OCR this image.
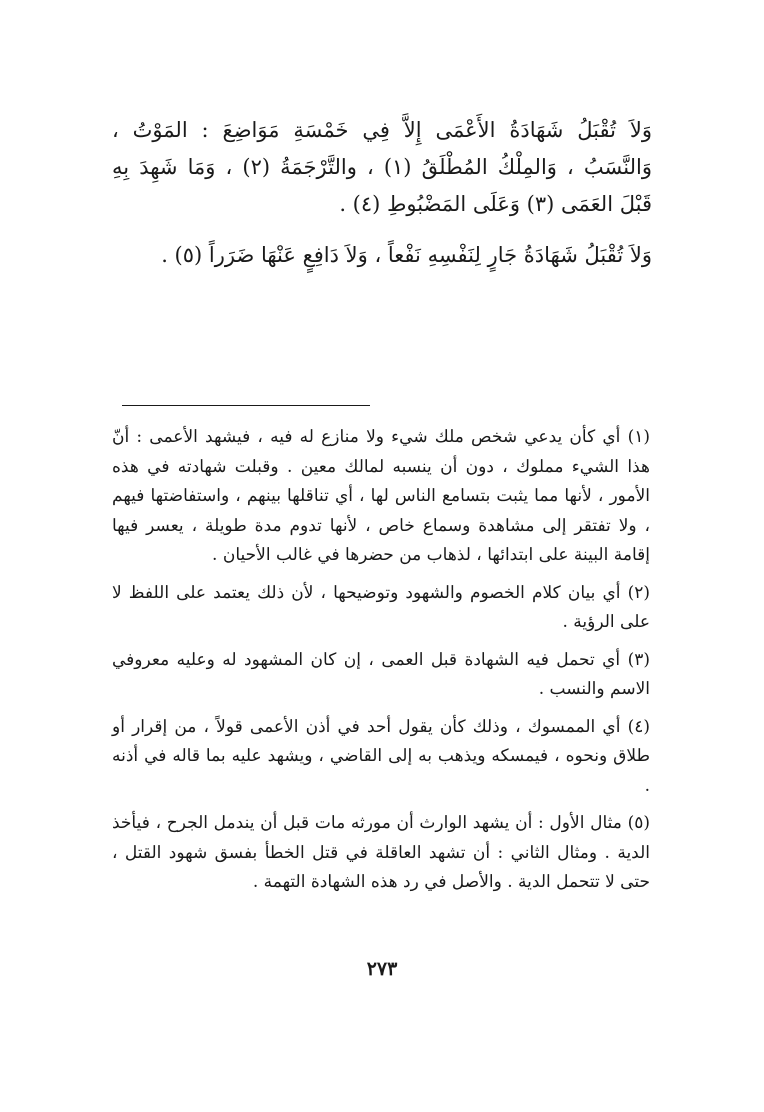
وَلاَ تُقْبَلُ شَهَادَةُ الأَعْمَى إِلاَّ فِي خَمْسَةِ مَوَاضِعَ : المَوْتُ ، وَالنَّسَبُ ، وَالمِلْكُ المُطْلَقُ (١) ، والتَّرْجَمَةُ (٢) ، وَمَا شَهِدَ بِهِ قَبْلَ العَمَى (٣) وَعَلَى المَضْبُوطِ (٤) .

وَلاَ تُقْبَلُ شَهَادَةُ جَارٍ لِنَفْسِهِ نَفْعاً ، وَلاَ دَافِعٍ عَنْهَا ضَرَراً (٥) .

(١) أي كأن يدعي شخص ملك شيء ولا منازع له فيه ، فيشهد الأعمى : أنّ هذا الشيء مملوك ، دون أن ينسبه لمالك معين . وقبلت شهادته في هذه الأمور ، لأنها مما يثبت بتسامع الناس لها ، أي تناقلها بينهم ، واستفاضتها فيهم ، ولا تفتقر إلى مشاهدة وسماع خاص ، لأنها تدوم مدة طويلة ، يعسر فيها إقامة البينة على ابتدائها ، لذهاب من حضرها في غالب الأحيان .

(٢) أي بيان كلام الخصوم والشهود وتوضيحها ، لأن ذلك يعتمد على اللفظ لا على الرؤية .

(٣) أي تحمل فيه الشهادة قبل العمى ، إن كان المشهود له وعليه معروفي الاسم والنسب .

(٤) أي الممسوك ، وذلك كأن يقول أحد في أذن الأعمى قولاً ، من إقرار أو طلاق ونحوه ، فيمسكه ويذهب به إلى القاضي ، ويشهد عليه بما قاله في أذنه .

(٥) مثال الأول : أن يشهد الوارث أن مورثه مات قبل أن يندمل الجرح ، فيأخذ الدية . ومثال الثاني : أن تشهد العاقلة في قتل الخطأ بفسق شهود القتل ، حتى لا تتحمل الدية . والأصل في رد هذه الشهادة التهمة .

٢٧٣
